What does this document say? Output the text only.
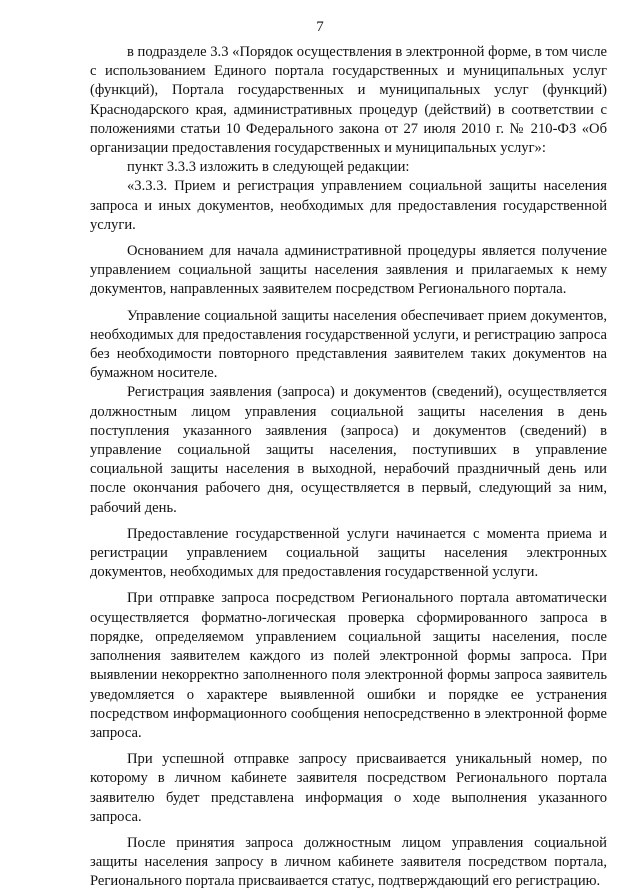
7

в подразделе 3.3 «Порядок осуществления в электронной форме, в том числе с использованием Единого портала государственных и муниципальных услуг (функций), Портала государственных и муниципальных услуг (функций) Краснодарского края, административных процедур (действий) в соответствии с положениями статьи 10 Федерального закона от 27 июля 2010 г. № 210-ФЗ «Об организации предоставления государственных и муниципальных услуг»:

пункт 3.3.3 изложить в следующей редакции:

«3.3.3. Прием и регистрация управлением социальной защиты населения запроса и иных документов, необходимых для предоставления государственной услуги.

Основанием для начала административной процедуры является получение управлением социальной защиты населения заявления и прилагаемых к нему документов, направленных заявителем посредством Регионального портала.

Управление социальной защиты населения обеспечивает прием документов, необходимых для предоставления государственной услуги, и регистрацию запроса без необходимости повторного представления заявителем таких документов на бумажном носителе.

Регистрация заявления (запроса) и документов (сведений), осуществляется должностным лицом управления социальной защиты населения в день поступления указанного заявления (запроса) и документов (сведений) в управление социальной защиты населения, поступивших в управление социальной защиты населения в выходной, нерабочий праздничный день или после окончания рабочего дня, осуществляется в первый, следующий за ним, рабочий день.

Предоставление государственной услуги начинается с момента приема и регистрации управлением социальной защиты населения электронных документов, необходимых для предоставления государственной услуги.

При отправке запроса посредством Регионального портала автоматически осуществляется форматно-логическая проверка сформированного запроса в порядке, определяемом управлением социальной защиты населения, после заполнения заявителем каждого из полей электронной формы запроса. При выявлении некорректно заполненного поля электронной формы запроса заявитель уведомляется о характере выявленной ошибки и порядке ее устранения посредством информационного сообщения непосредственно в электронной форме запроса.

При успешной отправке запросу присваивается уникальный номер, по которому в личном кабинете заявителя посредством Регионального портала заявителю будет представлена информация о ходе выполнения указанного запроса.

После принятия запроса должностным лицом управления социальной защиты населения запросу в личном кабинете заявителя посредством портала, Регионального портала присваивается статус, подтверждающий его регистрацию.
